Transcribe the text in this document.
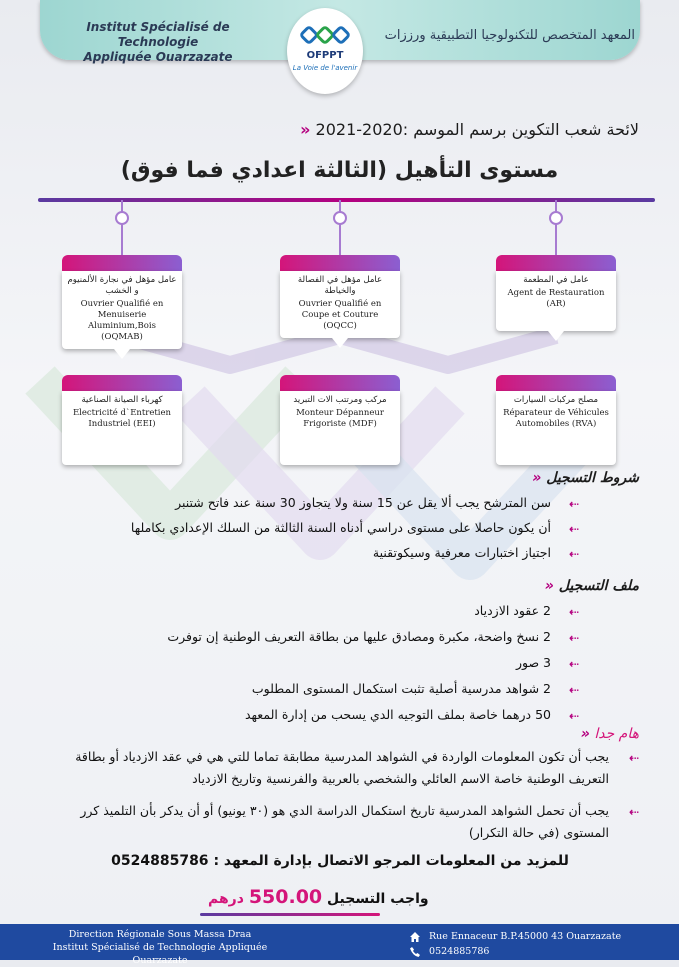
Institut Spécialisé de Technologie
Appliquée Ouarzazate
المعهد المتخصص للتكنولوجيا التطبيقية ورززات
OFPPT
La Voie de l'avenir
لائحة شعب التكوين برسم الموسم :2020-2021 «
مستوى التأهيل (الثالثة اعدادي فما فوق)
عامل مؤهل في نجارة الألمنيوم و الخشب
Ouvrier Qualifié en Menuiserie Aluminium,Bois (OQMAB)
عامل مؤهل في الفصالة والخياطة
Ouvrier Qualifié en Coupe et Couture (OQCC)
عامل في المطعمة
Agent de Restauration (AR)
كهرباء الصيانة الصناعية
Electricité d`Entretien Industriel (EEI)
مركب ومرتتب الات التبريد
Monteur Dépanneur Frigoriste (MDF)
مصلح مركبات السيارات
Réparateur de Véhicules Automobiles (RVA)
شروط التسجيل «
⇠
سن المترشح يجب ألا يقل عن 15 سنة ولا يتجاوز 30 سنة عند فاتح شتنبر
⇠
أن يكون حاصلا على مستوى دراسي أدناه السنة الثالثة من السلك الإعدادي بكاملها
⇠
اجتياز اختبارات معرفية وسيكوتقنية
ملف التسجيل «
⇠
2 عقود الازدياد
⇠
2 نسخ واضحة، مكبرة ومصادق عليها من بطاقة التعريف الوطنية إن توفرت
⇠
3 صور
⇠
2 شواهد مدرسية أصلية تثبت استكمال المستوى المطلوب
⇠
50 درهما خاصة بملف التوجيه الدي يسحب من إدارة المعهد
هام جدا «
⇠
يجب أن تكون المعلومات الواردة في الشواهد المدرسية مطابقة تماما للتي هي في عقد الازدياد أو بطاقة التعريف الوطنية خاصة الاسم العائلي والشخصي بالعربية والفرنسية وتاريخ الازدياد
⇠
يجب أن تحمل الشواهد المدرسية تاريخ استكمال الدراسة الدي هو (٣٠ يونيو) أو أن يدكر بأن التلميذ كرر المستوى (في حالة التكرار)
للمزيد من المعلومات المرجو الاتصال بإدارة المعهد : 0524885786
واجب التسجيل 550.00 درهم
Direction Régionale Sous Massa Draa
Institut Spécialisé de Technologie Appliquée Ouarzazate
Rue Ennaceur B.P.45000 43 Ouarzazate
0524885786
